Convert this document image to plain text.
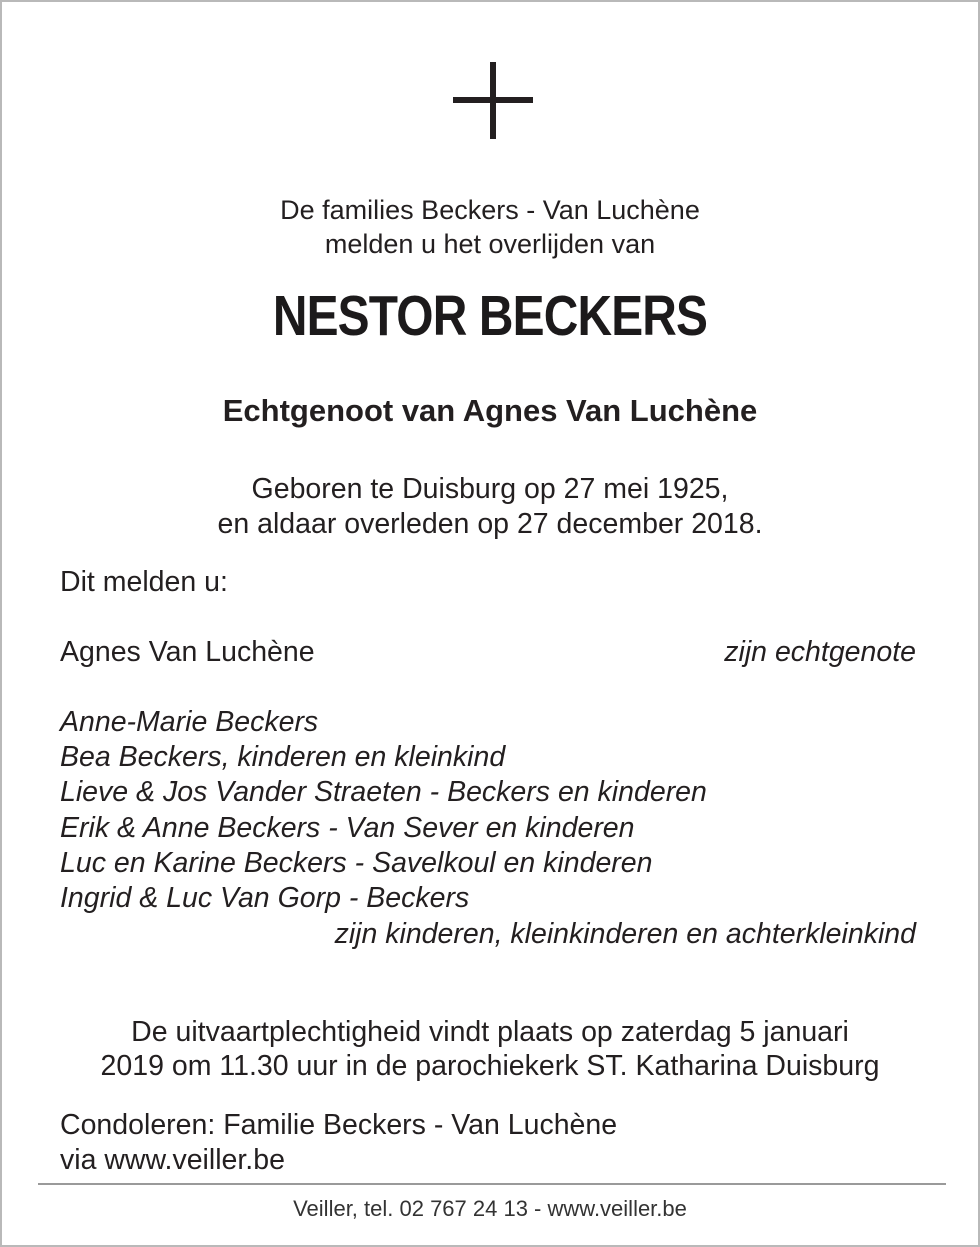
De families Beckers - Van Luchène
melden u het overlijden van
NESTOR BECKERS
Echtgenoot van Agnes Van Luchène
Geboren te Duisburg op 27 mei 1925,
en aldaar overleden op 27 december 2018.
Dit melden u:
Agnes Van Luchène	zijn echtgenote
Anne-Marie Beckers
Bea Beckers, kinderen en kleinkind
Lieve & Jos Vander Straeten - Beckers en kinderen
Erik & Anne Beckers - Van Sever en kinderen
Luc en Karine Beckers - Savelkoul en kinderen
Ingrid & Luc Van Gorp - Beckers
zijn kinderen, kleinkinderen en achterkleinkind
De uitvaartplechtigheid vindt plaats op zaterdag 5 januari
2019 om 11.30 uur in de parochiekerk ST. Katharina Duisburg
Condoleren: Familie Beckers - Van Luchène
via www.veiller.be
Veiller, tel. 02 767 24 13 - www.veiller.be
